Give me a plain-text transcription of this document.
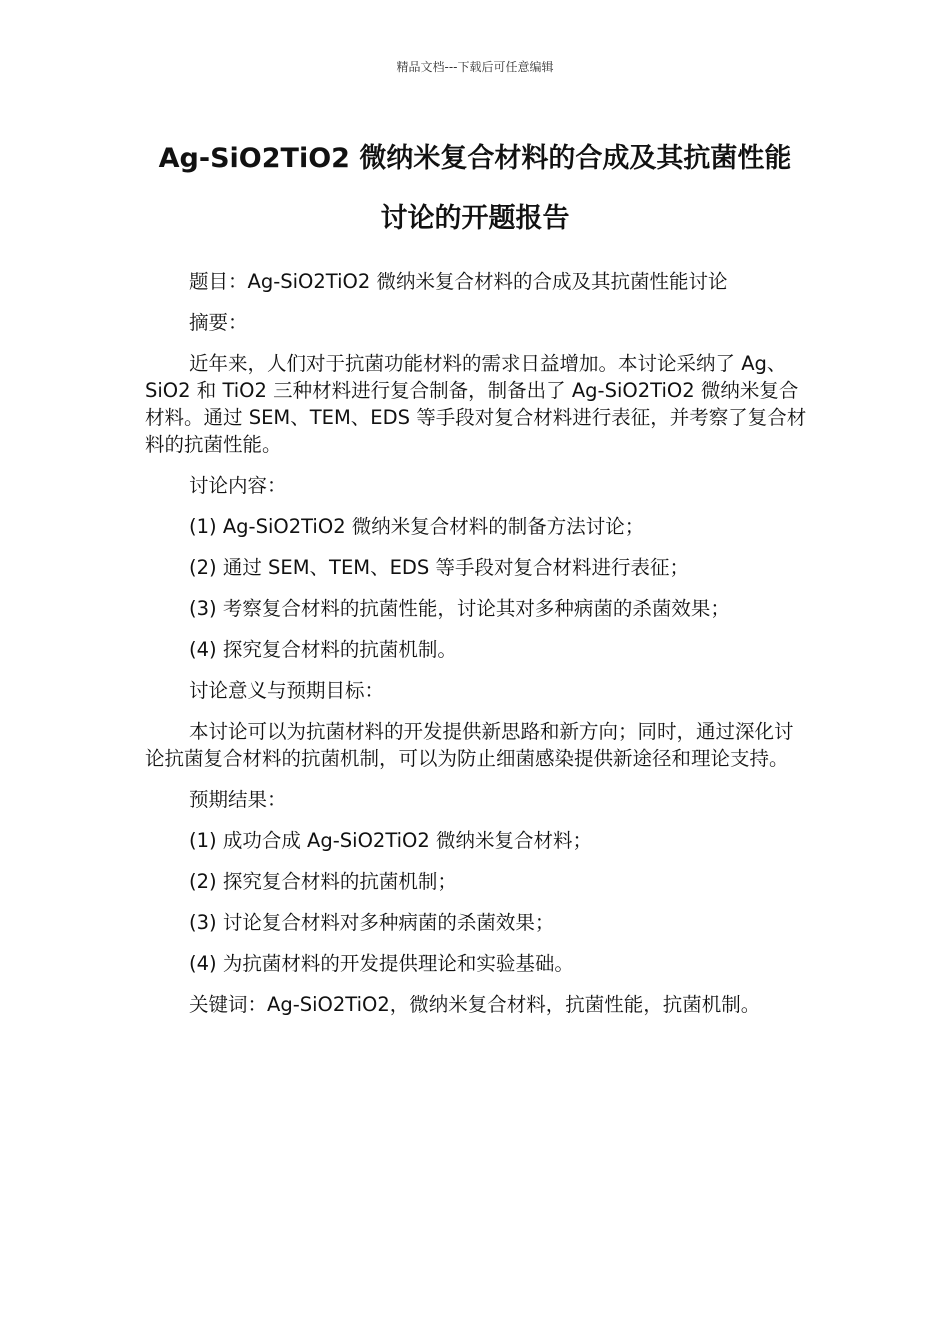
精品文档---下载后可任意编辑
Ag-SiO2TiO2 微纳米复合材料的合成及其抗菌性能
讨论的开题报告

题目：Ag-SiO2TiO2 微纳米复合材料的合成及其抗菌性能讨论

摘要：

近年来，人们对于抗菌功能材料的需求日益增加。本讨论采纳了 Ag、SiO2 和 TiO2 三种材料进行复合制备，制备出了 Ag-SiO2TiO2 微纳米复合材料。通过 SEM、TEM、EDS 等手段对复合材料进行表征，并考察了复合材料的抗菌性能。

讨论内容：

(1) Ag-SiO2TiO2 微纳米复合材料的制备方法讨论；

(2) 通过 SEM、TEM、EDS 等手段对复合材料进行表征；

(3) 考察复合材料的抗菌性能，讨论其对多种病菌的杀菌效果；

(4) 探究复合材料的抗菌机制。

讨论意义与预期目标：

本讨论可以为抗菌材料的开发提供新思路和新方向；同时，通过深化讨论抗菌复合材料的抗菌机制，可以为防止细菌感染提供新途径和理论支持。

预期结果：

(1) 成功合成 Ag-SiO2TiO2 微纳米复合材料；

(2) 探究复合材料的抗菌机制；

(3) 讨论复合材料对多种病菌的杀菌效果；

(4) 为抗菌材料的开发提供理论和实验基础。

关键词：Ag-SiO2TiO2，微纳米复合材料，抗菌性能，抗菌机制。
